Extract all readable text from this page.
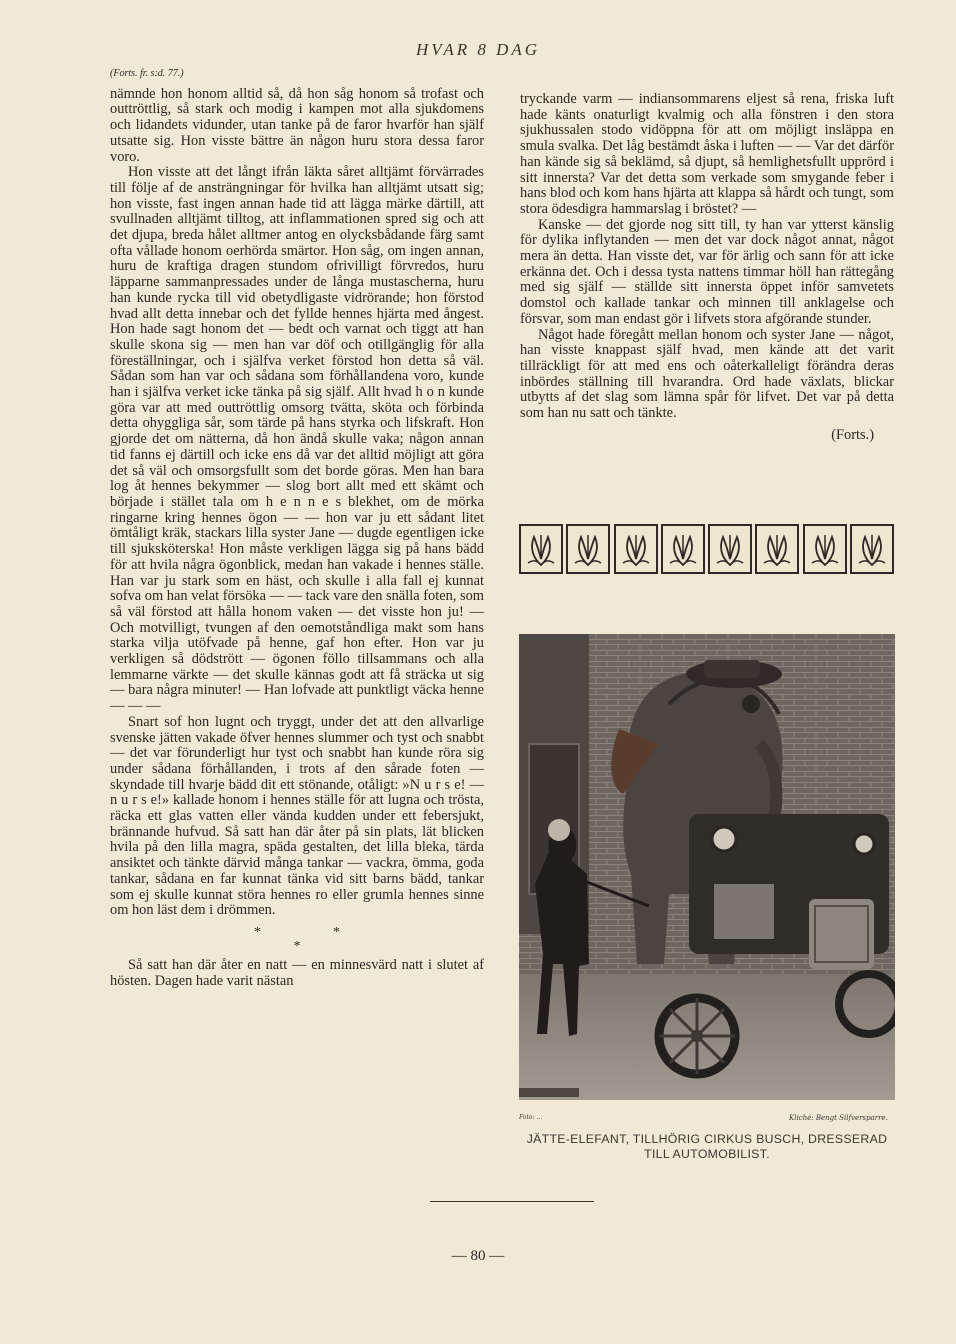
HVAR 8 DAG

(Forts. fr. s:d. 77.)

nämnde hon honom alltid så, då hon såg honom så trofast och outtröttlig, så stark och modig i kampen mot alla sjukdomens och lidandets vidunder, utan tanke på de faror hvarför han själf utsatte sig. Hon visste bättre än någon huru stora dessa faror voro.

Hon visste att det långt ifrån läkta såret alltjämt förvärrades till följe af de ansträngningar för hvilka han alltjämt utsatt sig; hon visste, fast ingen annan hade tid att lägga märke därtill, att svullnaden alltjämt tilltog, att inflammationen spred sig och att det djupa, breda hålet alltmer antog en olycksbådande färg samt ofta vållade honom oerhörda smärtor. Hon såg, om ingen annan, huru de kraftiga dragen stundom ofrivilligt förvredos, huru läpparne sammanpressades under de långa mustascherna, huru han kunde rycka till vid obetydligaste vidrörande; hon förstod hvad allt detta innebar och det fyllde hennes hjärta med ångest. Hon hade sagt honom det — bedt och varnat och tiggt att han skulle skona sig — men han var döf och otillgänglig för alla föreställningar, och i själfva verket förstod hon detta så väl. Sådan som han var och sådana som förhållandena voro, kunde han i själfva verket icke tänka på sig själf. Allt hvad h o n kunde göra var att med outtröttlig omsorg tvätta, sköta och förbinda detta ohyggliga sår, som tärde på hans styrka och lifskraft. Hon gjorde det om nätterna, då hon ändå skulle vaka; någon annan tid fanns ej därtill och icke ens då var det alltid möjligt att göra det så väl och omsorgsfullt som det borde göras. Men han bara log åt hennes bekymmer — slog bort allt med ett skämt och började i stället tala om h e n n e s blekhet, om de mörka ringarne kring hennes ögon — — hon var ju ett sådant litet ömtåligt kräk, stackars lilla syster Jane — dugde egentligen icke till sjuksköterska! Hon måste verkligen lägga sig på hans bädd för att hvila några ögonblick, medan han vakade i hennes ställe. Han var ju stark som en häst, och skulle i alla fall ej kunnat sofva om han velat försöka — — tack vare den snälla foten, som så väl förstod att hålla honom vaken — det visste hon ju! — Och motvilligt, tvungen af den oemotståndliga makt som hans starka vilja utöfvade på henne, gaf hon efter. Hon var ju verkligen så dödstrött — ögonen föllo tillsammans och alla lemmarne värkte — det skulle kännas godt att få sträcka ut sig — bara några minuter! — Han lofvade att punktligt väcka henne — — —

Snart sof hon lugnt och tryggt, under det att den allvarlige svenske jätten vakade öfver hennes slummer och tyst och snabbt — det var förunderligt hur tyst och snabbt han kunde röra sig under sådana förhållanden, i trots af den sårade foten — skyndade till hvarje bädd dit ett stönande, otåligt: »N u r s e! — n u r s e!» kallade honom i hennes ställe för att lugna och trösta, räcka ett glas vatten eller vända kudden under ett febersjukt, brännande hufvud. Så satt han där åter på sin plats, lät blicken hvila på den lilla magra, späda gestalten, det lilla bleka, tärda ansiktet och tänkte därvid många tankar — vackra, ömma, goda tankar, sådana en far kunnat tänka vid sitt barns bädd, tankar som ej skulle kunnat störa hennes ro eller grumla hennes sinne om hon läst dem i drömmen.

*	*
*

Så satt han där åter en natt — en minnesvärd natt i slutet af hösten. Dagen hade varit nästan

tryckande varm — indiansommarens eljest så rena, friska luft hade känts onaturligt kvalmig och alla fönstren i den stora sjukhussalen stodo vidöppna för att om möjligt insläppa en smula svalka. Det låg bestämdt åska i luften — — Var det därför han kände sig så beklämd, så djupt, så hemlighetsfullt upprörd i sitt innersta? Var det detta som verkade som smygande feber i hans blod och kom hans hjärta att klappa så hårdt och tungt, som stora ödesdigra hammarslag i bröstet? —

Kanske — det gjorde nog sitt till, ty han var ytterst känslig för dylika inflytanden — men det var dock något annat, något mera än detta. Han visste det, var för ärlig och sann för att icke erkänna det. Och i dessa tysta nattens timmar höll han rättegång med sig själf — ställde sitt innersta öppet inför samvetets domstol och kallade tankar och minnen till anklagelse och försvar, som man endast gör i lifvets stora afgörande stunder.

Något hade föregått mellan honom och syster Jane — något, han visste knappast själf hvad, men kände att det varit tillräckligt för att med ens och oåterkalleligt förändra deras inbördes ställning till hvarandra. Ord hade växlats, blickar utbytts af det slag som lämna spår för lifvet. Det var på detta som han nu satt och tänkte.

(Forts.)

Foto: ...	Kliché: Bengt Silfversparre.
JÄTTE-ELEFANT, TILLHÖRIG CIRKUS BUSCH, DRESSERAD TILL AUTOMOBILIST.
— 80 —
